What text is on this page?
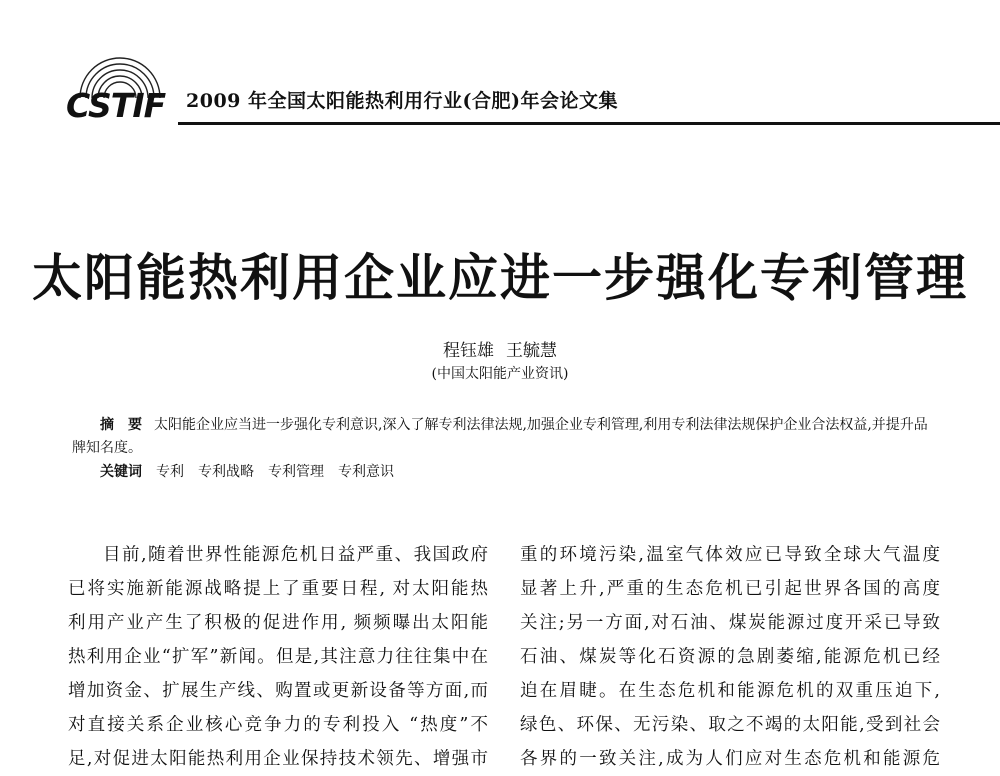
CSTIF 2009 年全国太阳能热利用行业(合肥)年会论文集
太阳能热利用企业应进一步强化专利管理
程钰雄 王毓慧
(中国太阳能产业资讯)
摘　要 太阳能企业应当进一步强化专利意识,深入了解专利法律法规,加强企业专利管理,利用专利法律法规保护企业合法权益,并提升品牌知名度。
关键词 专利 专利战略 专利管理 专利意识
目前,随着世界性能源危机日益严重、我国政府
已将实施新能源战略提上了重要日程, 对太阳能热
利用产业产生了积极的促进作用, 频频曝出太阳能
热利用企业“扩军”新闻。但是,其注意力往往集中在
增加资金、扩展生产线、购置或更新设备等方面,而
对直接关系企业核心竞争力的专利投入 “热度”不
足,对促进太阳能热利用企业保持技术领先、增强市
重的环境污染,温室气体效应已导致全球大气温度
显著上升,严重的生态危机已引起世界各国的高度
关注;另一方面,对石油、煤炭能源过度开采已导致
石油、煤炭等化石资源的急剧萎缩,能源危机已经
迫在眉睫。在生态危机和能源危机的双重压迫下,
绿色、环保、无污染、取之不竭的太阳能,受到社会
各界的一致关注,成为人们应对生态危机和能源危
